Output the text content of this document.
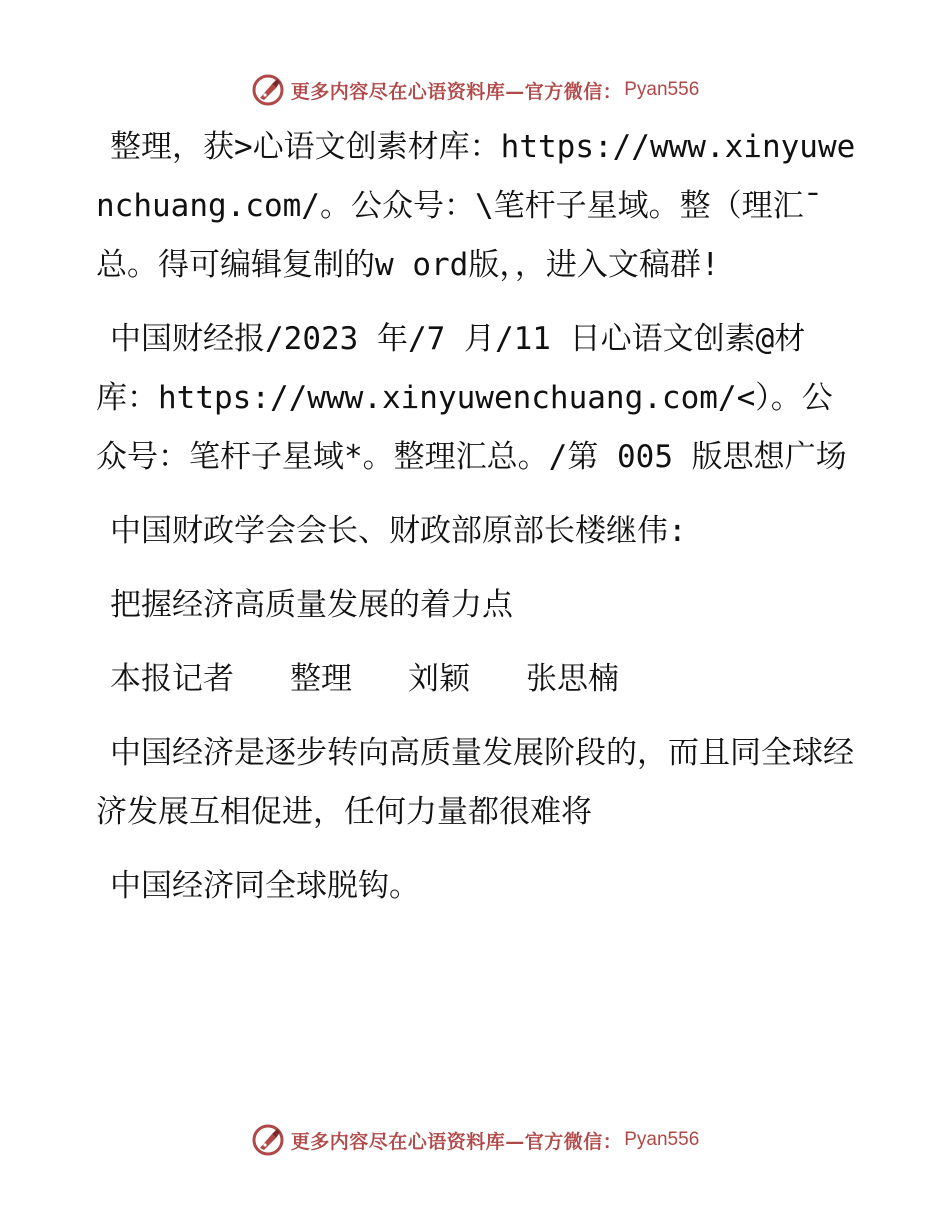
更多内容尽在心语资料库—官方微信： Pyan556

整理，获>心语文创素材库：https://www.xinyuwenchuang.com/。公众号：\笔杆子星域。整（理汇¯总。得可编辑复制的w ord版，，进入文稿群!

中国财经报/2023 年/7 月/11 日心语文创素@材库：https://www.xinyuwenchuang.com/<）。公众号：笔杆子星域*。整理汇总。/第 005 版思想广场

中国财政学会会长、财政部原部长楼继伟:

把握经济高质量发展的着力点

本报记者   整理   刘颖   张思楠

中国经济是逐步转向高质量发展阶段的，而且同全球经济发展互相促进，任何力量都很难将

中国经济同全球脱钩。

更多内容尽在心语资料库—官方微信： Pyan556
